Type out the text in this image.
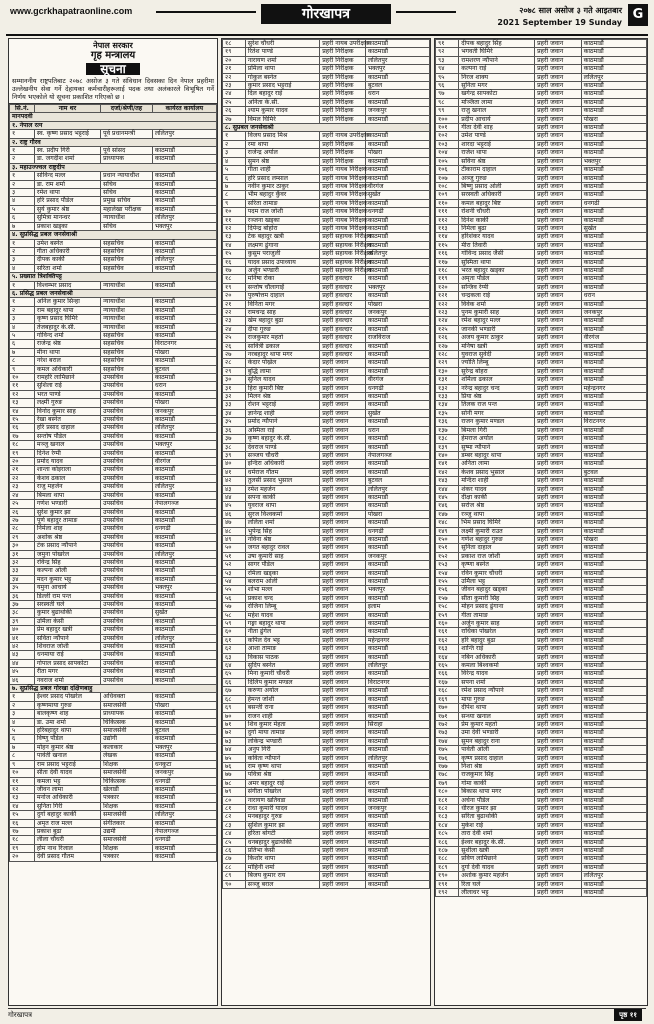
www.gcrkhapatraonline.com	गोरखापत्र	२०७८ साल असोज ३ गते आइतबार
2021 September 19 Sunday
G
नेपाल सरकार
गृह मन्त्रालय
सूचना
सम्माननीय राष्ट्रपतिबाट २०७८ असोज ३ गते संविधान दिवसका दिन नेपाल प्रहरीमा उल्लेखनीय सेवा गर्ने देहायका कर्मचारीहरूलाई पदक तथा अलंकारले विभूषित गर्ने निर्णय भएकोले यो सूचना प्रकाशित गरिएको छ ।
सि.नं.	नाम थर	दर्जा/श्रेणी/तह	कार्यरत कार्यालय
मानपदवी			
१. नेपाल रत्न			
१	स्व. कृष्ण प्रसाद भट्टराई	पूर्व प्रधानमन्त्री	ललितपुर
२. राष्ट्र गौरव			
१	स्व. प्रदीप गिरी	पूर्व सांसद	काठमाडौं
२	डा. जगदीश शर्मा	प्राध्यापक	काठमाडौं
३. महाउज्ज्वल राष्ट्रदीप			
१	सोविन्द मल्ल	प्रधान न्यायाधीश	काठमाडौं
२	डा. राम शर्मा	सचिव	काठमाडौं
३	रमेश थापा	सचिव	काठमाडौं
४	हरि प्रसाद पौडेल	प्रमुख सचिव	काठमाडौं
५	सुर्य कुमार श्रेष्ठ	महालेखा परीक्षक	काठमाडौं
६	सुमित्रा मानन्धर	न्यायाधीश	ललितपुर
७	प्रकाश खड्का	सचिव	भक्तपुर
४. सुप्रसिद्ध प्रबल जनसेवाश्री			
१	उमेश बस्नेत	सहसचिव	काठमाडौं
२	गीता अधिकारी	सहसचिव	काठमाडौं
३	दीपक कार्की	सहसचिव	ललितपुर
४	सरिता शर्मा	सहसचिव	काठमाडौं
५. प्रख्यात त्रिशक्तिपट्ट			
१	विश्वम्भर प्रसाद	न्यायाधीश	काठमाडौं
६. प्रसिद्ध प्रबल जनसेवाश्री			
१	अनिल कुमार सिन्हा	न्यायाधीश	काठमाडौं
२	राम बहादुर थापा	न्यायाधीश	काठमाडौं
३	कृष्ण प्रसाद घिमिरे	न्यायाधीश	काठमाडौं
४	तेजबहादुर के.सी.	न्यायाधीश	काठमाडौं
५	गोविन्द शर्मा	सहसचिव	काठमाडौं
६	राजेन्द्र श्रेष्ठ	सहसचिव	विराटनगर
७	मीना थापा	सहसचिव	पोखरा
८	नरेश बराल	सहसचिव	काठमाडौं
९	कमल अधिकारी	सहसचिव	बुटवल
१०	रामहरि लामिछाने	उपसचिव	काठमाडौं
११	सुशिला राई	उपसचिव	धरान
१२	भरत पाण्डे	उपसचिव	काठमाडौं
१३	लक्ष्मी गुरुङ	उपसचिव	पोखरा
१४	विनोद कुमार साह	उपसचिव	जनकपुर
१५	रेखा बस्नेत	उपसचिव	काठमाडौं
१६	हरि प्रसाद दाहाल	उपसचिव	ललितपुर
१७	सन्तोष पौडेल	उपसचिव	काठमाडौं
१८	मञ्जु खनाल	उपसचिव	भक्तपुर
१९	दिनेश रेग्मी	उपसचिव	काठमाडौं
२०	प्रमोद यादव	उपसचिव	वीरगंज
२१	शान्ता कोइराला	उपसचिव	काठमाडौं
२२	केशव ढकाल	उपसचिव	काठमाडौं
२३	राजु महर्जन	उपसचिव	ललितपुर
२४	बिमला थापा	उपसचिव	काठमाडौं
२५	गणेश भण्डारी	उपसचिव	नेपालगञ्ज
२६	सुरेश कुमार झा	उपसचिव	काठमाडौं
२७	पूर्ण बहादुर तामाङ	उपसचिव	काठमाडौं
२८	निर्मला शाह	उपसचिव	धनगढी
२९	अशोक श्रेष्ठ	उपसचिव	काठमाडौं
३०	टंक प्रसाद न्यौपाने	उपसचिव	काठमाडौं
३१	जमुना पोखरेल	उपसचिव	ललितपुर
३२	रविन्द्र सिंह	उपसचिव	काठमाडौं
३३	कल्पना ओली	उपसचिव	काठमाडौं
३४	मदन कुमार भट्ट	उपसचिव	काठमाडौं
३५	यमुना आचार्य	उपसचिव	भक्तपुर
३६	डिल्ली राम पन्त	उपसचिव	काठमाडौं
३७	सरस्वती घले	उपसचिव	काठमाडौं
३८	कुमार बुढाथोकी	उपसचिव	सुर्खेत
३९	उर्मिला केसी	उपसचिव	काठमाडौं
४०	प्रेम बहादुर खत्री	उपसचिव	काठमाडौं
४१	सविता न्यौपाने	उपसचिव	ललितपुर
४२	शिवराज जोशी	उपसचिव	काठमाडौं
४३	धनमाया राई	उपसचिव	काठमाडौं
४४	गोपाल प्रसाद सापकोटा	उपसचिव	काठमाडौं
४५	रीता मगर	उपसचिव	काठमाडौं
४६	नवराज शर्मा	उपसचिव	काठमाडौं
७. सुप्रसिद्ध प्रबल गोरखा दक्षिणबाहु			
१	ईश्वर प्रसाद पोखरेल	अधिवक्ता	काठमाडौं
२	कृष्णमाया गुरुङ	समाजसेवी	पोखरा
३	बालकृष्ण शाह	प्राध्यापक	काठमाडौं
४	डा. उमा शर्मा	चिकित्सक	काठमाडौं
५	हरिबहादुर थापा	समाजसेवी	बुटवल
६	विष्णु पौडेल	उद्योगी	काठमाडौं
७	मोहन कुमार श्रेष्ठ	कलाकार	भक्तपुर
८	पार्वती खनाल	लेखक	काठमाडौं
९	राम प्रसाद भट्टराई	शिक्षक	धनकुटा
१०	सीता देवी यादव	समाजसेवी	जनकपुर
११	कमला भट्ट	चिकित्सक	धनगढी
१२	जीवन लामा	खेलाडी	काठमाडौं
१३	मनोज अधिकारी	पत्रकार	काठमाडौं
१४	सुनिता गिरी	शिक्षक	काठमाडौं
१५	दुर्गा बहादुर कार्की	समाजसेवी	ललितपुर
१६	अमृत राज मल्ल	संगीतकार	काठमाडौं
१७	प्रकाश बुढा	उद्यमी	नेपालगञ्ज
१८	लीला चौधरी	समाजसेवी	धनगढी
१९	होम नाथ रिजाल	शिक्षक	काठमाडौं
२०	देवी प्रसाद गौतम	पत्रकार	काठमाडौं
१८	सुरेश चौधरी	प्रहरी नायब उपरीक्षक	काठमाडौं
१९	रितेश पाण्डे	प्रहरी निरीक्षक	काठमाडौं
२०	नारायण शर्मा	प्रहरी निरीक्षक	ललितपुर
२१	प्रमिला थापा	प्रहरी निरीक्षक	भक्तपुर
२२	गोकुल बस्नेत	प्रहरी निरीक्षक	काठमाडौं
२३	कुमार प्रसाद भट्टराई	प्रहरी निरीक्षक	बुटवल
२४	दिल बहादुर राई	प्रहरी निरीक्षक	धरान
२५	अनिता के.सी.	प्रहरी निरीक्षक	काठमाडौं
२६	श्याम कुमार यादव	प्रहरी निरीक्षक	जनकपुर
२७	विमल घिमिरे	प्रहरी निरीक्षक	काठमाडौं
८. सुप्रबल जनसेवाश्री			
१	विजय प्रसाद मिश्र	प्रहरी नायब उपरीक्षक	काठमाडौं
२	रमा थापा	प्रहरी निरीक्षक	काठमाडौं
३	राजेन्द्र अर्याल	प्रहरी निरीक्षक	पोखरा
४	सुमन श्रेष्ठ	प्रहरी निरीक्षक	काठमाडौं
५	गीता शाही	प्रहरी नायब निरीक्षक	काठमाडौं
६	हरि प्रसाद लम्साल	प्रहरी नायब निरीक्षक	काठमाडौं
७	नवीन कुमार ठाकुर	प्रहरी नायब निरीक्षक	वीरगंज
८	भीम बहादुर कुँवर	प्रहरी नायब निरीक्षक	सुर्खेत
९	सरिता तामाङ	प्रहरी नायब निरीक्षक	काठमाडौं
१०	पदम राज जोशी	प्रहरी नायब निरीक्षक	धनगढी
११	रञ्जना खड्का	प्रहरी नायब निरीक्षक	काठमाडौं
१२	दिपेन्द्र बोहोरा	प्रहरी नायब निरीक्षक	काठमाडौं
१३	टेक बहादुर खत्री	प्रहरी सहायक निरीक्षक	काठमाडौं
१४	लक्ष्मण ढुंगाना	प्रहरी सहायक निरीक्षक	काठमाडौं
१५	कुसुम पराजुली	प्रहरी सहायक निरीक्षक	ललितपुर
१६	यादव प्रसाद उपाध्याय	प्रहरी सहायक निरीक्षक	काठमाडौं
१७	अर्जुन भण्डारी	प्रहरी सहायक निरीक्षक	काठमाडौं
१८	मनिषा रोका	प्रहरी हवल्दार	काठमाडौं
१९	सन्तोष चौलागाईं	प्रहरी हवल्दार	भक्तपुर
२०	पुरुषोत्तम दाहाल	प्रहरी हवल्दार	काठमाडौं
२१	विनिता मगर	प्रहरी हवल्दार	पोखरा
२२	रामचन्द्र साह	प्रहरी हवल्दार	जनकपुर
२३	खेम बहादुर बुढा	प्रहरी हवल्दार	काठमाडौं
२४	दीपा गुरुङ	प्रहरी हवल्दार	काठमाडौं
२५	राजकुमार महतो	प्रहरी हवल्दार	राजविराज
२६	सावित्री ढकाल	प्रहरी हवल्दार	काठमाडौं
२७	नरबहादुर थापा मगर	प्रहरी हवल्दार	काठमाडौं
२८	केदार पोख्रेल	प्रहरी जवान	काठमाडौं
२९	बुद्धि लामा	प्रहरी जवान	काठमाडौं
३०	सुनिल यादव	प्रहरी जवान	वीरगंज
३१	हिरा कुमारी बिष्ट	प्रहरी जवान	धनगढी
३२	मिलन श्रेष्ठ	प्रहरी जवान	काठमाडौं
३३	रोशन भट्टराई	प्रहरी जवान	काठमाडौं
३४	ज्ञानेन्द्र शाही	प्रहरी जवान	सुर्खेत
३५	प्रमोद न्यौपाने	प्रहरी जवान	काठमाडौं
३६	अस्मिता राई	प्रहरी जवान	धरान
३७	कृष्ण बहादुर के.सी.	प्रहरी जवान	काठमाडौं
३८	देवराज पाण्डे	प्रहरी जवान	काठमाडौं
३९	सञ्जय चौधरी	प्रहरी जवान	नेपालगञ्ज
४०	इन्दिरा अधिकारी	प्रहरी जवान	काठमाडौं
४१	धर्मराज गौतम	प्रहरी जवान	काठमाडौं
४२	तुलसी प्रसाद भुसाल	प्रहरी जवान	बुटवल
४३	रमेश महर्जन	प्रहरी जवान	ललितपुर
४४	सपना कार्की	प्रहरी जवान	काठमाडौं
४५	युवराज थापा	प्रहरी जवान	काठमाडौं
४६	सुरज विश्वकर्मा	प्रहरी जवान	पोखरा
४७	ललिता शर्मा	प्रहरी जवान	काठमाडौं
४८	भुपेन्द्र सिंह	प्रहरी जवान	धनगढी
४९	नविना श्रेष्ठ	प्रहरी जवान	काठमाडौं
५०	जगत बहादुर रावल	प्रहरी जवान	काठमाडौं
५१	उषा कुमारी साह	प्रहरी जवान	जनकपुर
५२	सागर पौडेल	प्रहरी जवान	काठमाडौं
५३	रमिला खड्का	प्रहरी जवान	काठमाडौं
५४	बलराम ओली	प्रहरी जवान	काठमाडौं
५५	शोभा मल्ल	प्रहरी जवान	भक्तपुर
५६	प्रकाश चन्द	प्रहरी जवान	काठमाडौं
५७	रोजिना लिम्बू	प्रहरी जवान	इलाम
५८	महेश यादव	प्रहरी जवान	काठमाडौं
५९	गङ्गा बहादुर थापा	प्रहरी जवान	काठमाडौं
६०	नीता ढुंगेल	प्रहरी जवान	काठमाडौं
६१	कपिल देव भट्ट	प्रहरी जवान	महेन्द्रनगर
६२	आशा तामाङ	प्रहरी जवान	काठमाडौं
६३	विकास पाठक	प्रहरी जवान	काठमाडौं
६४	सुदिप बस्नेत	प्रहरी जवान	ललितपुर
६५	मिना कुमारी चौधरी	प्रहरी जवान	काठमाडौं
६६	दिलिप कुमार मण्डल	प्रहरी जवान	विराटनगर
६७	करुणा अर्याल	प्रहरी जवान	काठमाडौं
६८	हेमन्त जोशी	प्रहरी जवान	काठमाडौं
६९	बसन्ती राना	प्रहरी जवान	काठमाडौं
७०	राजन शाही	प्रहरी जवान	काठमाडौं
७१	शिव कुमार मेहता	प्रहरी जवान	सिराहा
७२	दुर्गा माया तामाङ	प्रहरी जवान	काठमाडौं
७३	लोकेन्द्र भण्डारी	प्रहरी जवान	काठमाडौं
७४	अनुप गिरी	प्रहरी जवान	काठमाडौं
७५	कविता न्यौपाने	प्रहरी जवान	ललितपुर
७६	राम कृष्ण थापा	प्रहरी जवान	काठमाडौं
७७	पवित्रा श्रेष्ठ	प्रहरी जवान	काठमाडौं
७८	अमर बहादुर राई	प्रहरी जवान	धरान
७९	संगीता पोखरेल	प्रहरी जवान	काठमाडौं
८०	नारायण खतिवडा	प्रहरी जवान	काठमाडौं
८१	राधा कुमारी यादव	प्रहरी जवान	जनकपुर
८२	मनबहादुर गुरुङ	प्रहरी जवान	काठमाडौं
८३	सुशिल कुमार झा	प्रहरी जवान	काठमाडौं
८४	हरिता बोगटी	प्रहरी जवान	काठमाडौं
८५	धनबहादुर बुढाथोकी	प्रहरी जवान	काठमाडौं
८६	प्रतिभा केसी	प्रहरी जवान	काठमाडौं
८७	किशोर थापा	प्रहरी जवान	काठमाडौं
८८	मोहिनी शर्मा	प्रहरी जवान	काठमाडौं
८९	बिजय कुमार राय	प्रहरी जवान	काठमाडौं
९०	सञ्जु बराल	प्रहरी जवान	काठमाडौं
९१	दीपक बहादुर सिंह	प्रहरी जवान	काठमाडौं
९२	भगवती घिमिरे	प्रहरी जवान	काठमाडौं
९३	रामशरण न्यौपाने	प्रहरी जवान	काठमाडौं
९४	कल्पना राई	प्रहरी जवान	काठमाडौं
९५	निरज शाक्य	प्रहरी जवान	ललितपुर
९६	सुनिता मगर	प्रहरी जवान	काठमाडौं
९७	खगेन्द्र सापकोटा	प्रहरी जवान	काठमाडौं
९८	मञ्जिता लामा	प्रहरी जवान	काठमाडौं
९९	राजु खनाल	प्रहरी जवान	काठमाडौं
१००	प्रदीप आचार्य	प्रहरी जवान	पोखरा
१०१	गीता देवी शाह	प्रहरी जवान	काठमाडौं
१०२	उमेश पाण्डे	प्रहरी जवान	काठमाडौं
१०३	शारदा भट्टराई	प्रहरी जवान	काठमाडौं
१०४	राजेश थापा	प्रहरी जवान	काठमाडौं
१०५	सविना श्रेष्ठ	प्रहरी जवान	भक्तपुर
१०६	टीकाराम दाहाल	प्रहरी जवान	काठमाडौं
१०७	अञ्जु गुरुङ	प्रहरी जवान	काठमाडौं
१०८	बिष्णु प्रसाद ओली	प्रहरी जवान	काठमाडौं
१०९	सरस्वती अधिकारी	प्रहरी जवान	काठमाडौं
११०	कमल बहादुर बिष्ट	प्रहरी जवान	धनगढी
१११	रोशनी चौधरी	प्रहरी जवान	काठमाडौं
११२	दिनेश कार्की	प्रहरी जवान	काठमाडौं
११३	निर्मला बुढा	प्रहरी जवान	सुर्खेत
११४	हरिशंकर यादव	प्रहरी जवान	काठमाडौं
११५	मीरा तिवारी	प्रहरी जवान	काठमाडौं
११६	गोविन्द प्रसाद जैसी	प्रहरी जवान	काठमाडौं
११७	सुस्मिता थापा	प्रहरी जवान	काठमाडौं
११८	भरत बहादुर खड्का	प्रहरी जवान	काठमाडौं
११९	अमृता पौडेल	प्रहरी जवान	काठमाडौं
१२०	सन्जिव रेग्मी	प्रहरी जवान	काठमाडौं
१२१	चन्द्रकला राई	प्रहरी जवान	धरान
१२२	विवेक शर्मा	प्रहरी जवान	काठमाडौं
१२३	पुनम कुमारी साह	प्रहरी जवान	जनकपुर
१२४	रमेश बहादुर मल्ल	प्रहरी जवान	काठमाडौं
१२५	जानकी भण्डारी	प्रहरी जवान	काठमाडौं
१२६	अजय कुमार ठाकुर	प्रहरी जवान	वीरगंज
१२७	मनिषा खत्री	प्रहरी जवान	काठमाडौं
१२८	युवराज सुवेदी	प्रहरी जवान	काठमाडौं
१२९	ज्योति लिम्बू	प्रहरी जवान	काठमाडौं
१३०	सुरेन्द्र बोहरा	प्रहरी जवान	काठमाडौं
१३१	शर्मिला ढकाल	प्रहरी जवान	काठमाडौं
१३२	नरेन्द्र बहादुर चन्द	प्रहरी जवान	महेन्द्रनगर
१३३	प्रिया श्रेष्ठ	प्रहरी जवान	काठमाडौं
१३४	तिलक राज पन्त	प्रहरी जवान	काठमाडौं
१३५	सोनी मगर	प्रहरी जवान	काठमाडौं
१३६	राजन कुमार मण्डल	प्रहरी जवान	विराटनगर
१३७	बिमला गिरी	प्रहरी जवान	काठमाडौं
१३८	हेमराज अर्याल	प्रहरी जवान	काठमाडौं
१३९	सुष्मा न्यौपाने	प्रहरी जवान	काठमाडौं
१४०	डम्बर बहादुर थापा	प्रहरी जवान	काठमाडौं
१४१	अनिता लामा	प्रहरी जवान	काठमाडौं
१४२	केशव प्रसाद भुसाल	प्रहरी जवान	बुटवल
१४३	मन्दिरा शाही	प्रहरी जवान	काठमाडौं
१४४	शंकर यादव	प्रहरी जवान	काठमाडौं
१४५	दीक्षा कार्की	प्रहरी जवान	काठमाडौं
१४६	सरोज श्रेष्ठ	प्रहरी जवान	काठमाडौं
१४७	रञ्जु थापा	प्रहरी जवान	काठमाडौं
१४८	भिम प्रसाद घिमिरे	प्रहरी जवान	काठमाडौं
१४९	लक्ष्मी कुमारी राउत	प्रहरी जवान	काठमाडौं
१५०	गणेश बहादुर गुरुङ	प्रहरी जवान	पोखरा
१५१	सुनिता दाहाल	प्रहरी जवान	काठमाडौं
१५२	प्रकाश राज जोशी	प्रहरी जवान	काठमाडौं
१५३	कृष्णा बस्नेत	प्रहरी जवान	काठमाडौं
१५४	रविन कुमार चौधरी	प्रहरी जवान	काठमाडौं
१५५	उर्मिला भट्ट	प्रहरी जवान	काठमाडौं
१५६	जीवन बहादुर खड्का	प्रहरी जवान	काठमाडौं
१५७	सीता कुमारी सिंह	प्रहरी जवान	काठमाडौं
१५८	मोहन प्रसाद ढुंगाना	प्रहरी जवान	काठमाडौं
१५९	गीता तामाङ	प्रहरी जवान	काठमाडौं
१६०	अर्जुन कुमार साह	प्रहरी जवान	काठमाडौं
१६१	राधिका पोखरेल	प्रहरी जवान	काठमाडौं
१६२	हरि बहादुर बुढा	प्रहरी जवान	काठमाडौं
१६३	शान्ति राई	प्रहरी जवान	काठमाडौं
१६४	नबिन अधिकारी	प्रहरी जवान	काठमाडौं
१६५	कमला बिश्वकर्मा	प्रहरी जवान	काठमाडौं
१६६	विरेन्द्र यादव	प्रहरी जवान	काठमाडौं
१६७	सपना शर्मा	प्रहरी जवान	काठमाडौं
१६८	रमेश प्रसाद न्यौपाने	प्रहरी जवान	काठमाडौं
१६९	माया गुरुङ	प्रहरी जवान	काठमाडौं
१७०	दीपेश थापा	प्रहरी जवान	काठमाडौं
१७१	सन्ध्या खनाल	प्रहरी जवान	काठमाडौं
१७२	प्रेम कुमार महतो	प्रहरी जवान	काठमाडौं
१७३	उमा देवी भण्डारी	प्रहरी जवान	काठमाडौं
१७४	सुमन बहादुर राना	प्रहरी जवान	काठमाडौं
१७५	पार्वती ओली	प्रहरी जवान	काठमाडौं
१७६	कृष्ण प्रसाद दाहाल	प्रहरी जवान	काठमाडौं
१७७	निशा श्रेष्ठ	प्रहरी जवान	काठमाडौं
१७८	राजकुमार सिंह	प्रहरी जवान	काठमाडौं
१७९	गोमा कार्की	प्रहरी जवान	काठमाडौं
१८०	बिकास थापा मगर	प्रहरी जवान	काठमाडौं
१८१	अर्चना पौडेल	प्रहरी जवान	काठमाडौं
१८२	धीरज कुमार झा	प्रहरी जवान	काठमाडौं
१८३	सरिता बुढाथोकी	प्रहरी जवान	काठमाडौं
१८४	मुकेश राई	प्रहरी जवान	काठमाडौं
१८५	तारा देवी शर्मा	प्रहरी जवान	काठमाडौं
१८६	ईश्वर बहादुर के.सी.	प्रहरी जवान	काठमाडौं
१८७	सुशीला खत्री	प्रहरी जवान	काठमाडौं
१८८	प्रविण लामिछाने	प्रहरी जवान	काठमाडौं
१८९	दुर्गा देवी यादव	प्रहरी जवान	काठमाडौं
१९०	अशोक कुमार महर्जन	प्रहरी जवान	ललितपुर
१९१	रिता घले	प्रहरी जवान	काठमाडौं
१९२	लीलाधर भट्ट	प्रहरी जवान	काठमाडौं
गोरखापत्र	पृष्ठ ११
